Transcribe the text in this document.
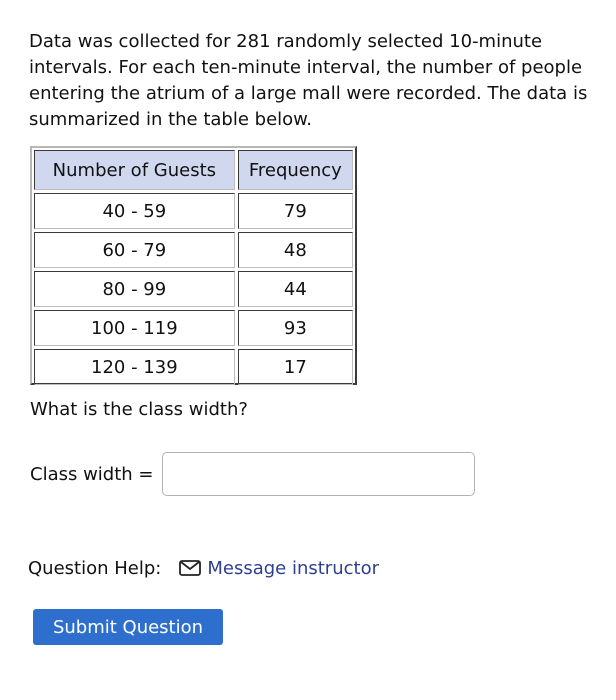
Data was collected for 281 randomly selected 10-minute intervals. For each ten-minute interval, the number of people entering the atrium of a large mall were recorded. The data is summarized in the table below.

Number of Guests	Frequency
40 - 59	79
60 - 79	48
80 - 99	44
100 - 119	93
120 - 139	17

What is the class width?

Class width =
Question Help:	Message instructor
Submit Question
